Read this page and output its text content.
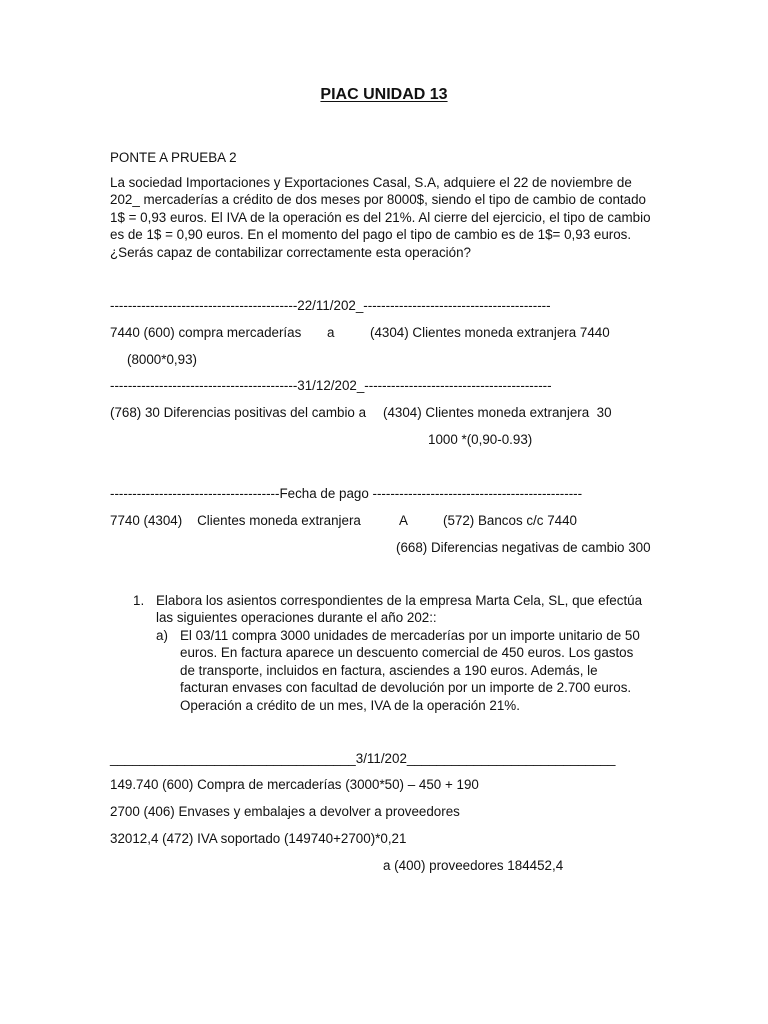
PIAC UNIDAD 13
PONTE A PRUEBA 2
La sociedad Importaciones y Exportaciones Casal, S.A, adquiere el 22 de noviembre de
202_ mercaderías a crédito de dos meses por 8000$, siendo el tipo de cambio de contado
1$ = 0,93 euros. El IVA de la operación es del 21%. Al cierre del ejercicio, el tipo de cambio
es de 1$ = 0,90 euros. En el momento del pago el tipo de cambio es de 1$= 0,93 euros.
¿Serás capaz de contabilizar correctamente esta operación?
------------------------------------------22/11/202_------------------------------------------
7440 (600) compra mercaderías a	(4304) Clientes moneda extranjera 7440
(8000*0,93)
------------------------------------------31/12/202_------------------------------------------
(768) 30 Diferencias positivas del cambio a (4304) Clientes moneda extranjera  30
1000 *(0,90-0.93)
--------------------------------------Fecha de pago -----------------------------------------------
7740 (4304)    Clientes moneda extranjera	A	(572) Bancos c/c 7440
(668) Diferencias negativas de cambio 300
1. Elabora los asientos correspondientes de la empresa Marta Cela, SL, que efectúa
las siguientes operaciones durante el año 202::
a) El 03/11 compra 3000 unidades de mercaderías por un importe unitario de 50
euros. En factura aparece un descuento comercial de 450 euros. Los gastos
de transporte, incluidos en factura, asciendes a 190 euros. Además, le
facturan envases con facultad de devolución por un importe de 2.700 euros.
Operación a crédito de un mes, IVA de la operación 21%.
_________________________________3/11/202____________________________
149.740 (600) Compra de mercaderías (3000*50) – 450 + 190
2700 (406) Envases y embalajes a devolver a proveedores
32012,4 (472) IVA soportado (149740+2700)*0,21
a (400) proveedores 184452,4
